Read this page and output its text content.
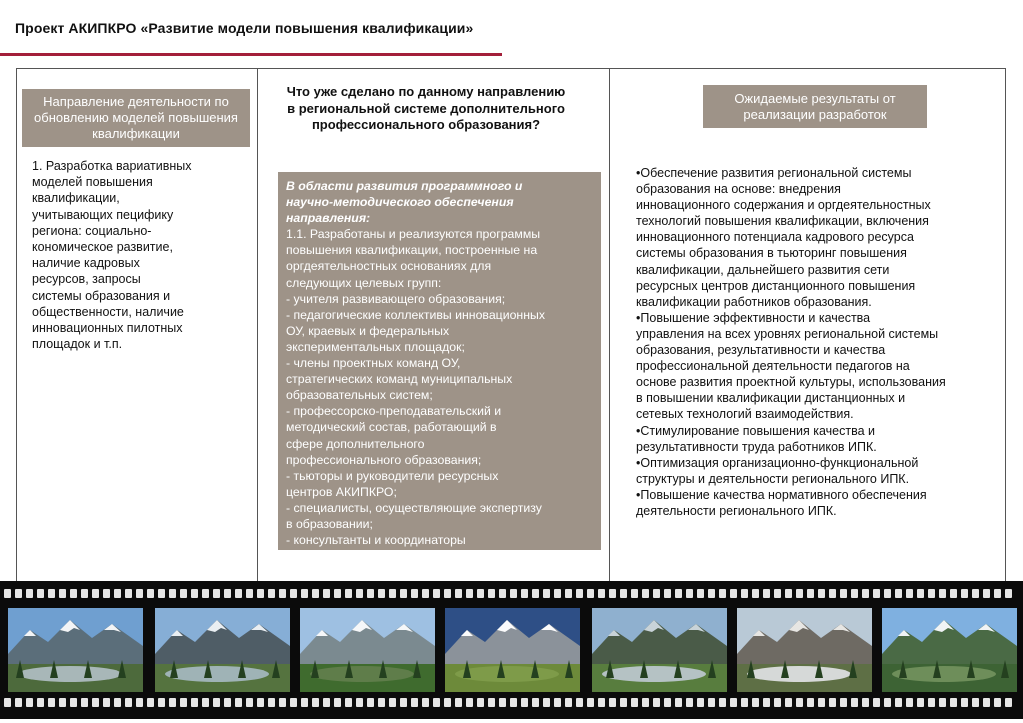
Проект АКИПКРО «Развитие модели повышения квалификации»
Направление деятельности по обновлению моделей повышения квалификации
1. Разработка вариативных
моделей повышения
квалификации,
учитывающих пецифику
региона: социально-
кономическое развитие,
наличие кадровых
ресурсов, запросы
системы образования и
общественности, наличие
инновационных пилотных
площадок и т.п.
Что уже сделано по данному направлению в региональной системе дополнительного профессионального образования?
В области развития программного и
научно-методического обеспечения
направления:
1.1. Разработаны и реализуются программы
повышения квалификации, построенные на
оргдеятельностных основаниях для
следующих целевых групп:
- учителя развивающего образования;
- педагогические коллективы инновационных
ОУ, краевых и федеральных
экспериментальных площадок;
- члены проектных команд ОУ,
стратегических команд муниципальных
образовательных систем;
- профессорско-преподавательский и
методический состав, работающий в
сфере дополнительного
профессионального образования;
- тьюторы и руководители ресурсных
центров АКИПКРО;
- специалисты, осуществляющие экспертизу
в образовании;
- консультанты и координаторы
Ожидаемые результаты от реализации разработок
•Обеспечение развития региональной системы
образования на основе: внедрения
инновационного содержания и оргдеятельностных
технологий повышения квалификации, включения
инновационного потенциала кадрового ресурса
системы образования в тьюторинг повышения
квалификации, дальнейшего развития сети
ресурсных центров дистанционного повышения
квалификации работников образования.
•Повышение эффективности и качества
управления на всех уровнях региональной системы
образования, результативности и качества
профессиональной деятельности педагогов на
основе развития проектной культуры, использования
в повышении квалификации дистанционных и
сетевых технологий взаимодействия.
•Стимулирование повышения качества и
результативности труда работников ИПК.
•Оптимизация организационно-функциональной
структуры и деятельности регионального ИПК.
•Повышение качества нормативного обеспечения
деятельности регионального ИПК.
